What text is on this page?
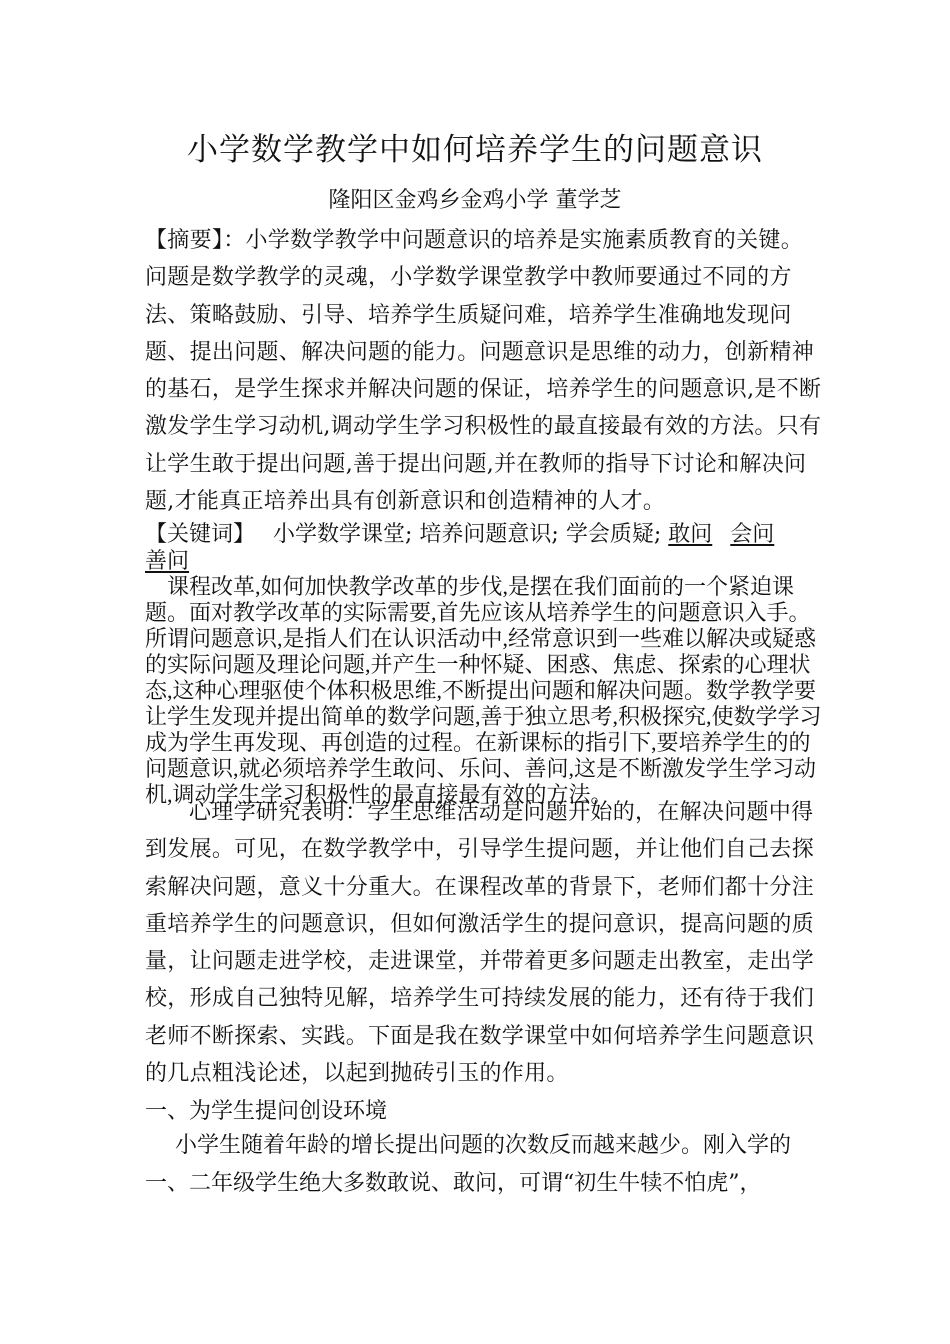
小学数学教学中如何培养学生的问题意识
隆阳区金鸡乡金鸡小学 董学芝

【摘要】：小学数学教学中问题意识的培养是实施素质教育的关键。问题是数学教学的灵魂，小学数学课堂教学中教师要通过不同的方法、策略鼓励、引导、培养学生质疑问难，培养学生准确地发现问题、提出问题、解决问题的能力。问题意识是思维的动力，创新精神的基石，是学生探求并解决问题的保证，培养学生的问题意识,是不断激发学生学习动机,调动学生学习积极性的最直接最有效的方法。只有让学生敢于提出问题,善于提出问题,并在教师的指导下讨论和解决问题,才能真正培养出具有创新意识和创造精神的人才。

【关键词】 小学数学课堂; 培养问题意识; 学会质疑; 敢问 会问
善问

课程改革,如何加快教学改革的步伐,是摆在我们面前的一个紧迫课题。面对教学改革的实际需要,首先应该从培养学生的问题意识入手。所谓问题意识,是指人们在认识活动中,经常意识到一些难以解决或疑惑的实际问题及理论问题,并产生一种怀疑、困惑、焦虑、探索的心理状态,这种心理驱使个体积极思维,不断提出问题和解决问题。数学教学要让学生发现并提出简单的数学问题,善于独立思考,积极探究,使数学学习成为学生再发现、再创造的过程。在新课标的指引下,要培养学生的的问题意识,就必须培养学生敢问、乐问、善问,这是不断激发学生学习动机,调动学生学习积极性的最直接最有效的方法。

心理学研究表明：学生思维活动是问题开始的，在解决问题中得到发展。可见，在数学教学中，引导学生提问题，并让他们自己去探索解决问题，意义十分重大。在课程改革的背景下，老师们都十分注重培养学生的问题意识，但如何激活学生的提问意识，提高问题的质量，让问题走进学校，走进课堂，并带着更多问题走出教室，走出学校，形成自己独特见解，培养学生可持续发展的能力，还有待于我们老师不断探索、实践。下面是我在数学课堂中如何培养学生问题意识的几点粗浅论述，以起到抛砖引玉的作用。

一、为学生提问创设环境

小学生随着年龄的增长提出问题的次数反而越来越少。刚入学的一、二年级学生绝大多数敢说、敢问，可谓“初生牛犊不怕虎”，
